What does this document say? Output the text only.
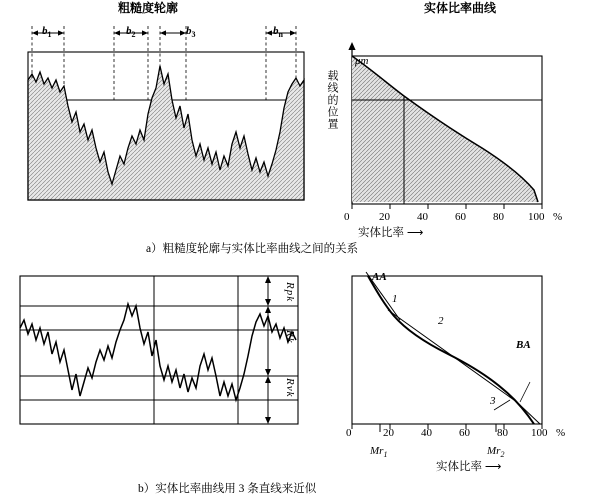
$b_1$	$b_2$	$b_3$	$b_n$
粗糙度轮廓
0	20 40 60 80 100 %
实体比率 ⟶
μm
载线的位置
实体比率曲线
a）粗糙度轮廓与实体比率曲线之间的关系
Rpk
Rk
Rvk
AA
1
2
BA
3
0	20 40 60 80 100 %
$Mr_1$	$Mr_2$
实体比率 ⟶
b）实体比率曲线用 3 条直线来近似
